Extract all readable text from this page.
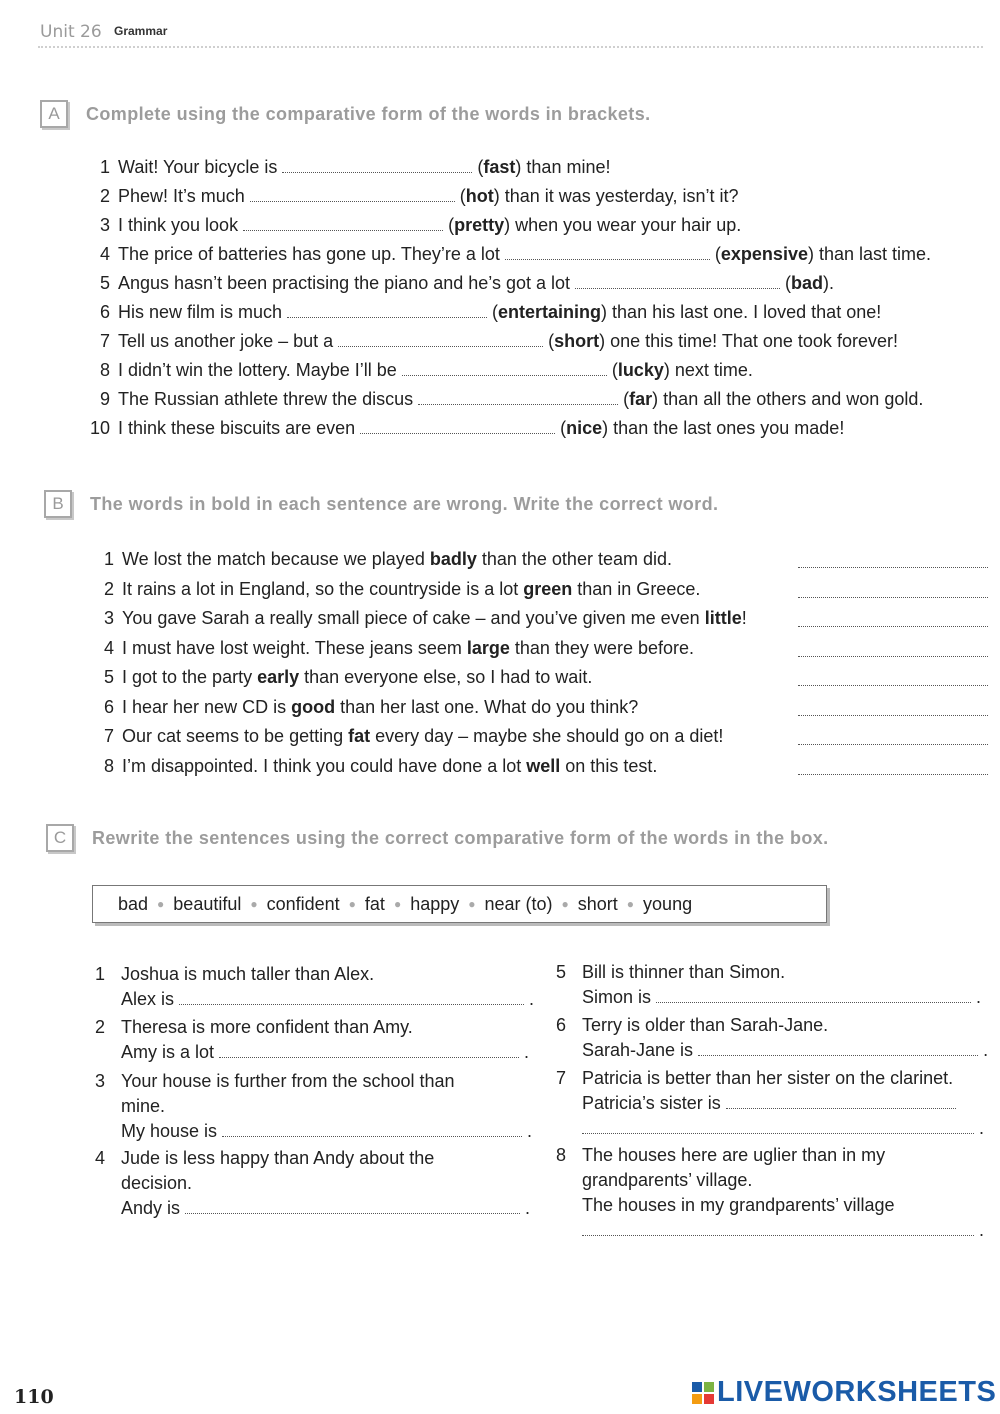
Unit 26 Grammar
A	Complete using the comparative form of the words in brackets.
1 Wait! Your bicycle is	(fast) than mine!
2 Phew! It’s much	(hot) than it was yesterday, isn’t it?
3 I think you look	(pretty) when you wear your hair up.
4 The price of batteries has gone up. They’re a lot	(expensive) than last time.
5 Angus hasn’t been practising the piano and he’s got a lot	(bad).
6 His new film is much	(entertaining) than his last one. I loved that one!
7 Tell us another joke – but a	(short) one this time! That one took forever!
8 I didn’t win the lottery. Maybe I’ll be	(lucky) next time.
9 The Russian athlete threw the discus	(far) than all the others and won gold.
10 I think these biscuits are even	(nice) than the last ones you made!
B	The words in bold in each sentence are wrong. Write the correct word.
1 We lost the match because we played badly than the other team did.
2 It rains a lot in England, so the countryside is a lot green than in Greece.
3 You gave Sarah a really small piece of cake – and you’ve given me even little!
4 I must have lost weight. These jeans seem large than they were before.
5 I got to the party early than everyone else, so I had to wait.
6 I hear her new CD is good than her last one. What do you think?
7 Our cat seems to be getting fat every day – maybe she should go on a diet!
8 I’m disappointed. I think you could have done a lot well on this test.
C	Rewrite the sentences using the correct comparative form of the words in the box.
bad ● beautiful ● confident ● fat ● happy ● near (to) ● short ● young
1 Joshua is much taller than Alex.
Alex is	.
2 Theresa is more confident than Amy.
Amy is a lot	.
3 Your house is further from the school than
mine.
My house is	.
4 Jude is less happy than Andy about the
decision.
Andy is	.
5 Bill is thinner than Simon.
Simon is	.
6 Terry is older than Sarah-Jane.
Sarah-Jane is	.
7 Patricia is better than her sister on the clarinet.
Patricia’s sister is
.
8 The houses here are uglier than in my
grandparents’ village.
The houses in my grandparents’ village
.
110	LIVEWORKSHEETS
